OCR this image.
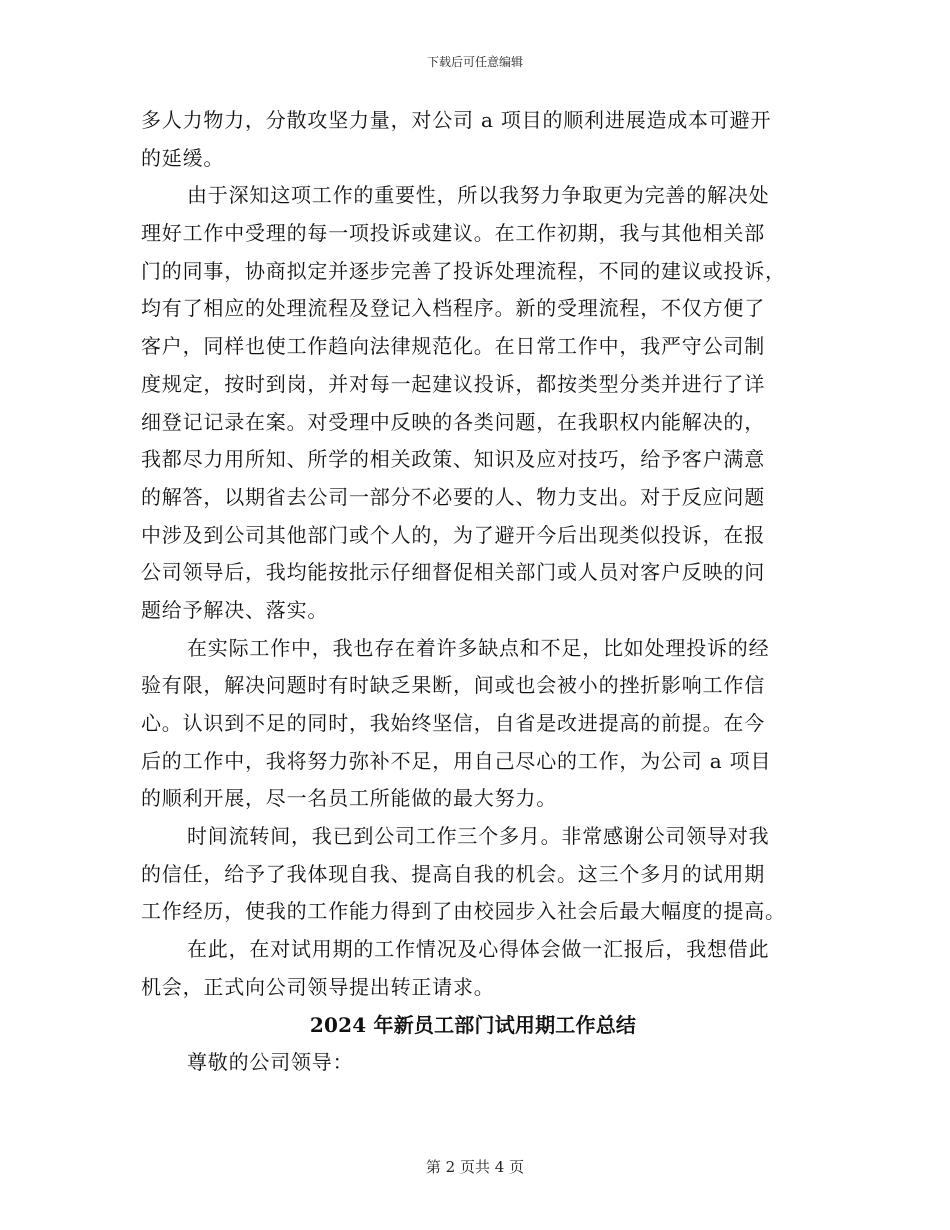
下载后可任意编辑
多人力物力，分散攻坚力量，对公司 a 项目的顺利进展造成本可避开
的延缓。
由于深知这项工作的重要性，所以我努力争取更为完善的解决处
理好工作中受理的每一项投诉或建议。在工作初期，我与其他相关部
门的同事，协商拟定并逐步完善了投诉处理流程，不同的建议或投诉，
均有了相应的处理流程及登记入档程序。新的受理流程，不仅方便了
客户，同样也使工作趋向法律规范化。在日常工作中，我严守公司制
度规定，按时到岗，并对每一起建议投诉，都按类型分类并进行了详
细登记记录在案。对受理中反映的各类问题，在我职权内能解决的，
我都尽力用所知、所学的相关政策、知识及应对技巧，给予客户满意
的解答，以期省去公司一部分不必要的人、物力支出。对于反应问题
中涉及到公司其他部门或个人的，为了避开今后出现类似投诉，在报
公司领导后，我均能按批示仔细督促相关部门或人员对客户反映的问
题给予解决、落实。
在实际工作中，我也存在着许多缺点和不足，比如处理投诉的经
验有限，解决问题时有时缺乏果断，间或也会被小的挫折影响工作信
心。认识到不足的同时，我始终坚信，自省是改进提高的前提。在今
后的工作中，我将努力弥补不足，用自己尽心的工作，为公司 a 项目
的顺利开展，尽一名员工所能做的最大努力。
时间流转间，我已到公司工作三个多月。非常感谢公司领导对我
的信任，给予了我体现自我、提高自我的机会。这三个多月的试用期
工作经历，使我的工作能力得到了由校园步入社会后最大幅度的提高。
在此，在对试用期的工作情况及心得体会做一汇报后，我想借此
机会，正式向公司领导提出转正请求。
2024 年新员工部门试用期工作总结
尊敬的公司领导：
第 2 页共 4 页
